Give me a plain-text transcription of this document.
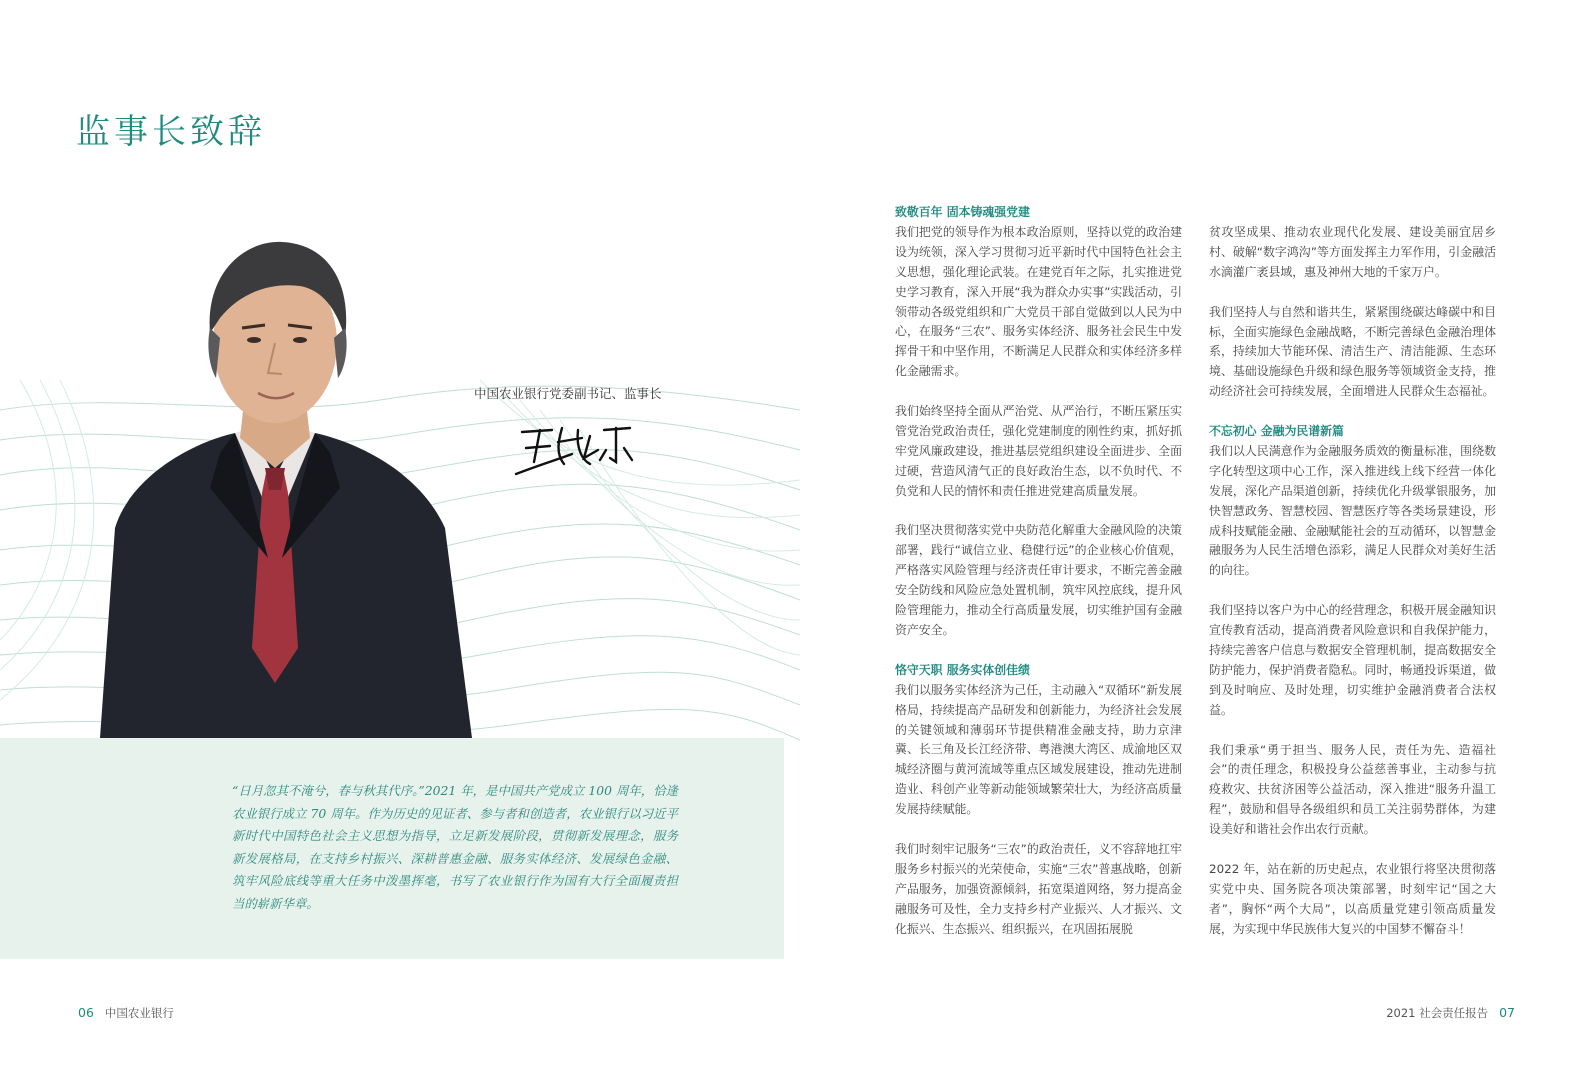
监事长致辞
中国农业银行党委副书记、监事长
“日月忽其不淹兮，春与秋其代序。”2021 年，是中国共产党成立 100 周年，恰逢农业银行成立 70 周年。作为历史的见证者、参与者和创造者，农业银行以习近平新时代中国特色社会主义思想为指导，立足新发展阶段，贯彻新发展理念，服务新发展格局，在支持乡村振兴、深耕普惠金融、服务实体经济、发展绿色金融、筑牢风险底线等重大任务中泼墨挥毫，书写了农业银行作为国有大行全面履责担当的崭新华章。
致敬百年 固本铸魂强党建

我们把党的领导作为根本政治原则，坚持以党的政治建设为统领，深入学习贯彻习近平新时代中国特色社会主义思想，强化理论武装。在建党百年之际，扎实推进党史学习教育，深入开展“我为群众办实事”实践活动，引领带动各级党组织和广大党员干部自觉做到以人民为中心，在服务“三农”、服务实体经济、服务社会民生中发挥骨干和中坚作用，不断满足人民群众和实体经济多样化金融需求。

我们始终坚持全面从严治党、从严治行，不断压紧压实管党治党政治责任，强化党建制度的刚性约束，抓好抓牢党风廉政建设，推进基层党组织建设全面进步、全面过硬，营造风清气正的良好政治生态，以不负时代、不负党和人民的情怀和责任推进党建高质量发展。

我们坚决贯彻落实党中央防范化解重大金融风险的决策部署，践行“诚信立业、稳健行远”的企业核心价值观，严格落实风险管理与经济责任审计要求，不断完善金融安全防线和风险应急处置机制，筑牢风控底线，提升风险管理能力，推动全行高质量发展，切实维护国有金融资产安全。

恪守天职 服务实体创佳绩

我们以服务实体经济为己任，主动融入“双循环”新发展格局，持续提高产品研发和创新能力，为经济社会发展的关键领域和薄弱环节提供精准金融支持，助力京津冀、长三角及长江经济带、粤港澳大湾区、成渝地区双城经济圈与黄河流域等重点区域发展建设，推动先进制造业、科创产业等新动能领域繁荣壮大，为经济高质量发展持续赋能。

我们时刻牢记服务“三农”的政治责任，义不容辞地扛牢服务乡村振兴的光荣使命，实施“三农”普惠战略，创新产品服务，加强资源倾斜，拓宽渠道网络，努力提高金融服务可及性，全力支持乡村产业振兴、人才振兴、文化振兴、生态振兴、组织振兴，在巩固拓展脱

贫攻坚成果、推动农业现代化发展、建设美丽宜居乡村、破解“数字鸿沟”等方面发挥主力军作用，引金融活水滴灌广袤县域，惠及神州大地的千家万户。

我们坚持人与自然和谐共生，紧紧围绕碳达峰碳中和目标，全面实施绿色金融战略，不断完善绿色金融治理体系，持续加大节能环保、清洁生产、清洁能源、生态环境、基础设施绿色升级和绿色服务等领域资金支持，推动经济社会可持续发展，全面增进人民群众生态福祉。

不忘初心 金融为民谱新篇

我们以人民满意作为金融服务质效的衡量标准，围绕数字化转型这项中心工作，深入推进线上线下经营一体化发展，深化产品渠道创新，持续优化升级掌银服务，加快智慧政务、智慧校园、智慧医疗等各类场景建设，形成科技赋能金融、金融赋能社会的互动循环，以智慧金融服务为人民生活增色添彩，满足人民群众对美好生活的向往。

我们坚持以客户为中心的经营理念，积极开展金融知识宣传教育活动，提高消费者风险意识和自我保护能力，持续完善客户信息与数据安全管理机制，提高数据安全防护能力，保护消费者隐私。同时，畅通投诉渠道，做到及时响应、及时处理，切实维护金融消费者合法权益。

我们秉承“勇于担当、服务人民，责任为先、造福社会”的责任理念，积极投身公益慈善事业，主动参与抗疫救灾、扶贫济困等公益活动，深入推进“服务升温工程”，鼓励和倡导各级组织和员工关注弱势群体，为建设美好和谐社会作出农行贡献。

2022 年，站在新的历史起点，农业银行将坚决贯彻落实党中央、国务院各项决策部署，时刻牢记“国之大者”，胸怀“两个大局”，以高质量党建引领高质量发展，为实现中华民族伟大复兴的中国梦不懈奋斗！

06 中国农业银行	2021 社会责任报告 07
